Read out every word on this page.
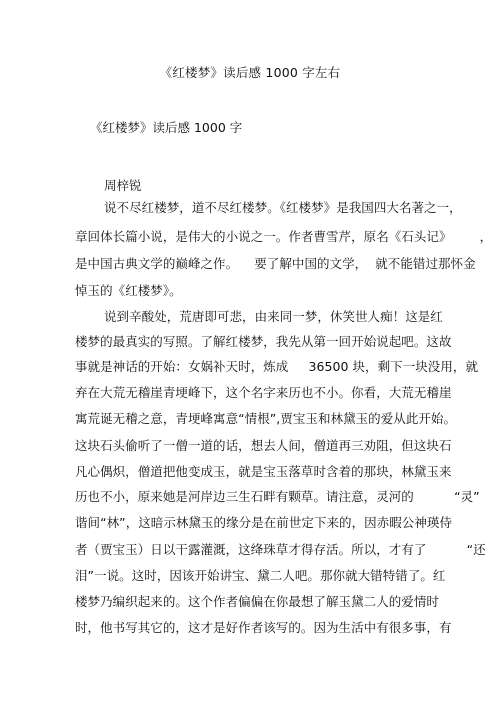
《红楼梦》读后感 1000 字左右
《红楼梦》读后感 1000 字
周梓锐
说不尽红楼梦，道不尽红楼梦。《红楼梦》是我国四大名著之一，
章回体长篇小说，是伟大的小说之一。作者曹雪芹，原名《石头记》       ，
是中国古典文学的巅峰之作。    要了解中国的文学，  就不能错过那怀金
悼玉的《红楼梦》。
说到辛酸处，荒唐即可悲，由来同一梦，休笑世人痴！这是红
楼梦的最真实的写照。了解红楼梦，我先从第一回开始说起吧。这故
事就是神话的开始：女娲补天时，炼成     36500 块，剩下一块没用，就
弃在大荒无稽崖青埂峰下，这个名字来历也不小。你看，大荒无稽崖
寓荒诞无稽之意，青埂峰寓意“情根”,贾宝玉和林黛玉的爱从此开始。
这块石头偷听了一僧一道的话，想去人间，僧道再三劝阻，但这块石
凡心偶炽，僧道把他变成玉，就是宝玉落草时含着的那块，林黛玉来
历也不小，原来她是河岸边三生石畔有颗草。请注意，灵河的          “灵”
谐间“林”，这暗示林黛玉的缘分是在前世定下来的，因赤暇公神瑛侍
者（贾宝玉）日以干露灌溉，这绛珠草才得存活。所以，才有了          “还
泪”一说。这时，因该开始讲宝、黛二人吧。那你就大错特错了。红
楼梦乃编织起来的。这个作者偏偏在你最想了解玉黛二人的爱情时
时，他书写其它的，这才是好作者该写的。因为生活中有很多事，有
